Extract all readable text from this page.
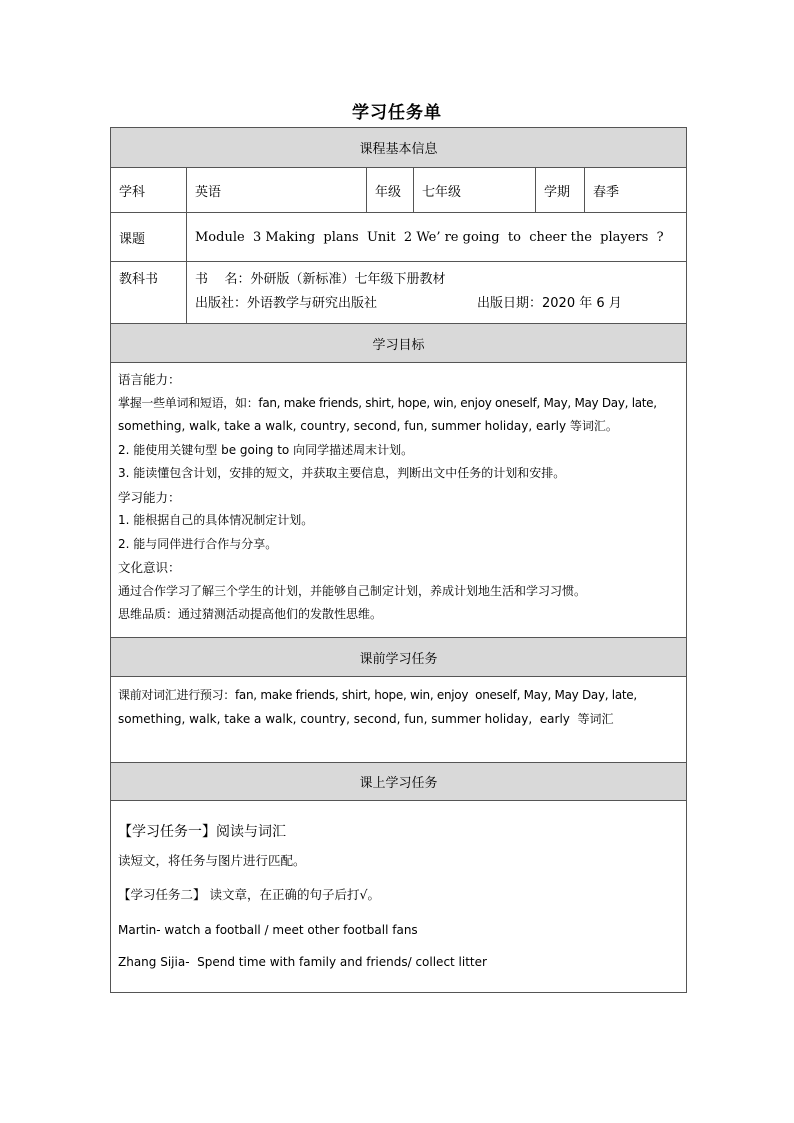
学习任务单
课程基本信息
学科	英语	年级	七年级	学期	春季
课题	Module  3 Making  plans  Unit  2 We’ re going  to  cheer the  players  ?
教科书	书    名：外研版（新标准）七年级下册教材
出版社：外语教学与研究出版社	出版日期：2020 年 6 月
学习目标
语言能力：
掌握一些单词和短语，如：fan, make friends, shirt, hope, win, enjoy oneself, May, May Day, late,
something, walk, take a walk, country, second, fun, summer holiday, early 等词汇。
2. 能使用关键句型 be going to 向同学描述周末计划。
3. 能读懂包含计划，安排的短文，并获取主要信息，判断出文中任务的计划和安排。
学习能力：
1. 能根据自己的具体情况制定计划。
2. 能与同伴进行合作与分享。
文化意识：
通过合作学习了解三个学生的计划，并能够自己制定计划，养成计划地生活和学习习惯。
思维品质：通过猜测活动提高他们的发散性思维。
课前学习任务
课前对词汇进行预习：fan, make friends, shirt, hope, win, enjoy  oneself, May, May Day, late,
something, walk, take a walk, country, second, fun, summer holiday,  early  等词汇
课上学习任务
【学习任务一】阅读与词汇
读短文，将任务与图片进行匹配。
【学习任务二】 读文章，在正确的句子后打√。
Martin- watch a football / meet other football fans
Zhang Sijia-  Spend time with family and friends/ collect litter
